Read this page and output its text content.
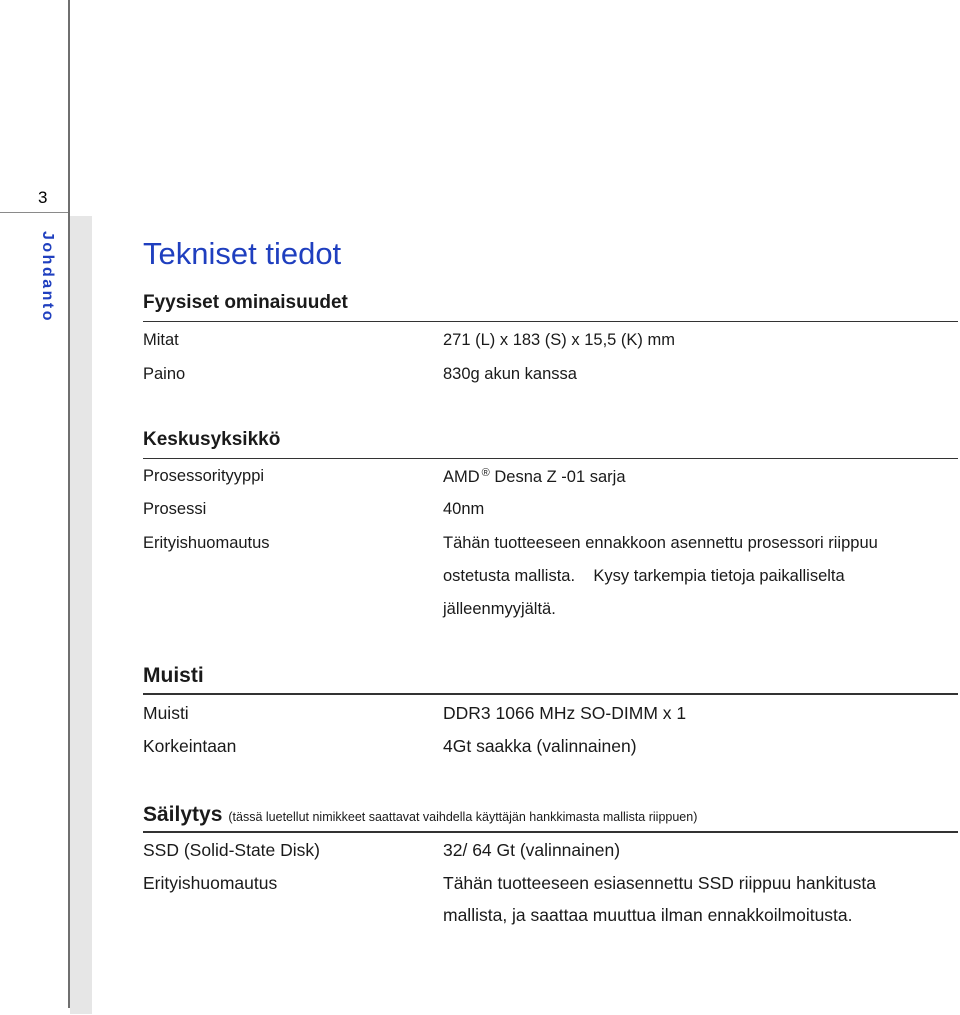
3
Johdanto	Tekniset tiedot
Fyysiset ominaisuudet
Mitat	271 (L) x 183 (S) x 15,5 (K) mm
Paino	830g akun kanssa
Keskusyksikkö
Prosessorityyppi	AMD ® Desna Z -01 sarja
Prosessi	40nm
Erityishuomautus	Tähän tuotteeseen ennakkoon asennettu prosessori riippuu
ostetusta mallista.    Kysy tarkempia tietoja paikalliselta
jälleenmyyjältä.
Muisti
Muisti	DDR3 1066 MHz SO-DIMM x 1
Korkeintaan	4Gt saakka (valinnainen)
Säilytys (tässä luetellut nimikkeet saattavat vaihdella käyttäjän hankkimasta mallista riippuen)
SSD (Solid-State Disk)	32/ 64 Gt (valinnainen)
Erityishuomautus	Tähän tuotteeseen esiasennettu SSD riippuu hankitusta
mallista, ja saattaa muuttua ilman ennakkoilmoitusta.
